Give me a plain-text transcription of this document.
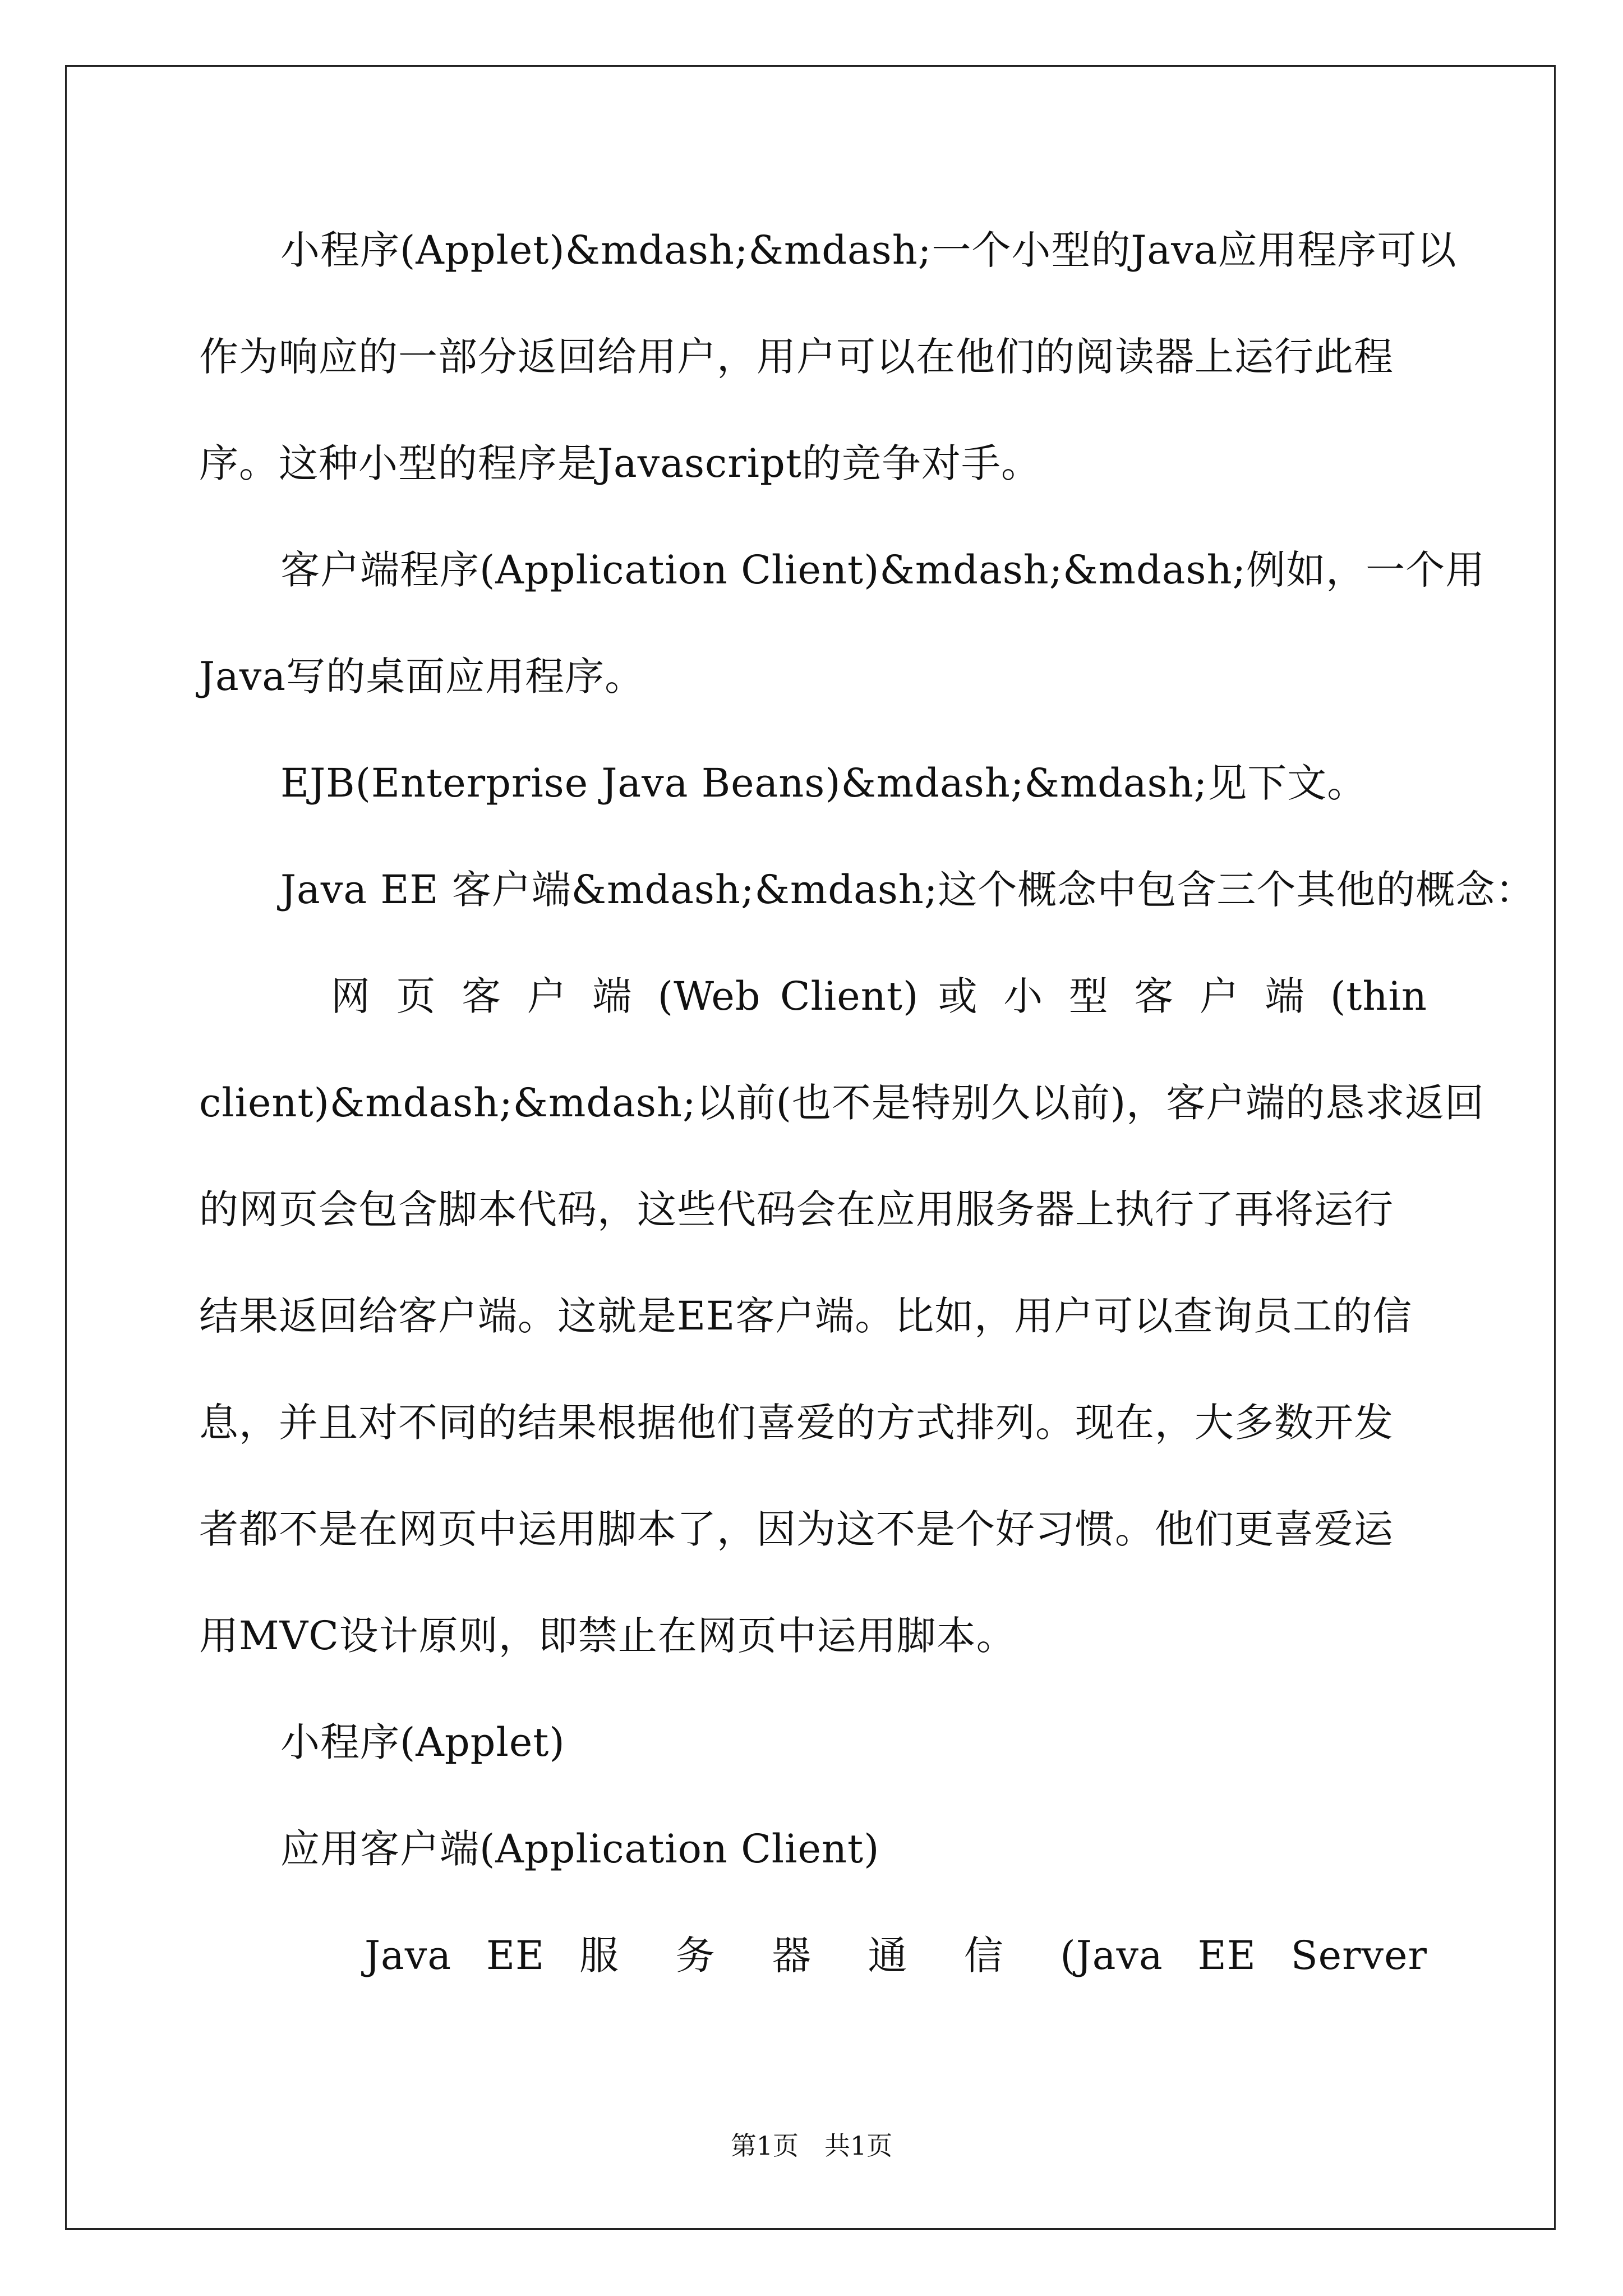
小程序(Applet)&mdash;&mdash;一个小型的Java应用程序可以
作为响应的一部分返回给用户，用户可以在他们的阅读器上运行此程
序。这种小型的程序是Javascript的竞争对手。
客户端程序(Application Client)&mdash;&mdash;例如，一个用
Java写的桌面应用程序。
EJB(Enterprise Java Beans)&mdash;&mdash;见下文。
Java EE 客户端&mdash;&mdash;这个概念中包含三个其他的概念：
网 页 客 户 端 (Web Client) 或 小 型 客 户 端 (thin
client)&mdash;&mdash;以前(也不是特别久以前)，客户端的恳求返回
的网页会包含脚本代码，这些代码会在应用服务器上执行了再将运行
结果返回给客户端。这就是EE客户端。比如，用户可以查询员工的信
息，并且对不同的结果根据他们喜爱的方式排列。现在，大多数开发
者都不是在网页中运用脚本了，因为这不是个好习惯。他们更喜爱运
用MVC设计原则，即禁止在网页中运用脚本。
小程序(Applet)
应用客户端(Application Client)
Java EE 服 务 器 通 信 (Java EE Server
第1页 共1页
